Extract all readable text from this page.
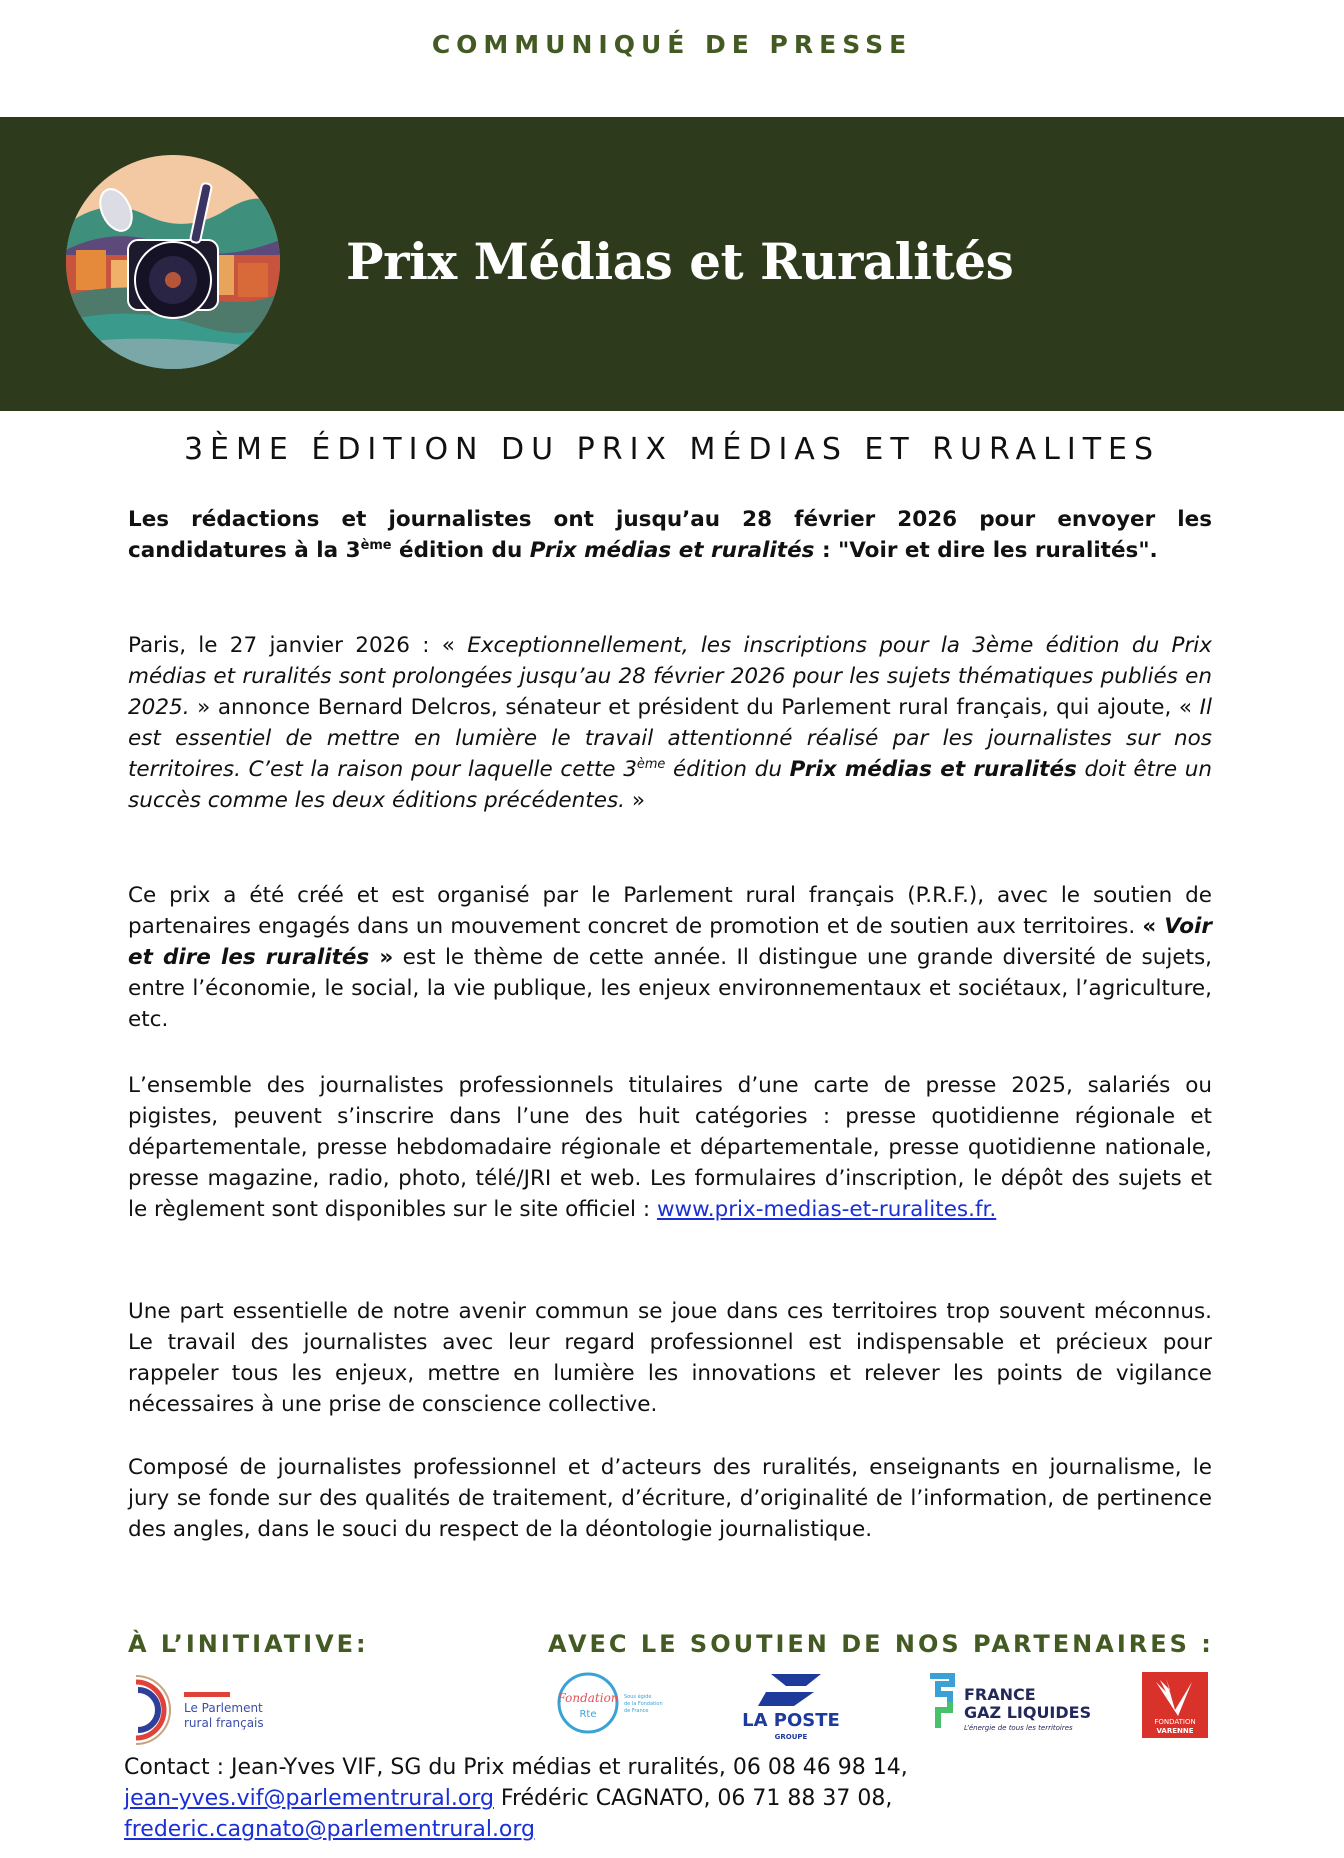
COMMUNIQUÉ DE PRESSE
Prix Médias et Ruralités
3ÈME ÉDITION DU PRIX MÉDIAS ET RURALITES

Les rédactions et journalistes ont jusqu’au 28 février 2026 pour envoyer les candidatures à la 3ème édition du Prix médias et ruralités : "Voir et dire les ruralités".

Paris, le 27 janvier 2026 : « Exceptionnellement, les inscriptions pour la 3ème édition du Prix médias et ruralités sont prolongées jusqu’au 28 février 2026 pour les sujets thématiques publiés en 2025. » annonce Bernard Delcros, sénateur et président du Parlement rural français, qui ajoute, « Il est essentiel de mettre en lumière le travail attentionné réalisé par les journalistes sur nos territoires. C’est la raison pour laquelle cette 3ème édition du Prix médias et ruralités doit être un succès comme les deux éditions précédentes. »

Ce prix a été créé et est organisé par le Parlement rural français (P.R.F.), avec le soutien de partenaires engagés dans un mouvement concret de promotion et de soutien aux territoires. « Voir et dire les ruralités » est le thème de cette année. Il distingue une grande diversité de sujets, entre l’économie, le social, la vie publique, les enjeux environnementaux et sociétaux, l’agriculture, etc.

L’ensemble des journalistes professionnels titulaires d’une carte de presse 2025, salariés ou pigistes, peuvent s’inscrire dans l’une des huit catégories : presse quotidienne régionale et départementale, presse hebdomadaire régionale et départementale, presse quotidienne nationale, presse magazine, radio, photo, télé/JRI et web. Les formulaires d’inscription, le dépôt des sujets et le règlement sont disponibles sur le site officiel : www.prix-medias-et-ruralites.fr.

Une part essentielle de notre avenir commun se joue dans ces territoires trop souvent méconnus. Le travail des journalistes avec leur regard professionnel est indispensable et précieux pour rappeler tous les enjeux, mettre en lumière les innovations et relever les points de vigilance nécessaires à une prise de conscience collective.

Composé de journalistes professionnel et d’acteurs des ruralités, enseignants en journalisme, le jury se fonde sur des qualités de traitement, d’écriture, d’originalité de l’information, de pertinence des angles, dans le souci du respect de la déontologie journalistique.

À L’INITIATIVE:	AVEC LE SOUTIEN DE NOS PARTENAIRES :
Le Parlement
rural français
Fondation
Rte
Sous égide
de la Fondation
de France	LA POSTE
GROUPE
FRANCE
GAZ LIQUIDES
L’énergie de tous les territoires
FONDATION
VARENNE

Contact : Jean-Yves VIF, SG du Prix médias et ruralités, 06 08 46 98 14,

jean-yves.vif@parlementrural.org Frédéric CAGNATO, 06 71 88 37 08,

frederic.cagnato@parlementrural.org
